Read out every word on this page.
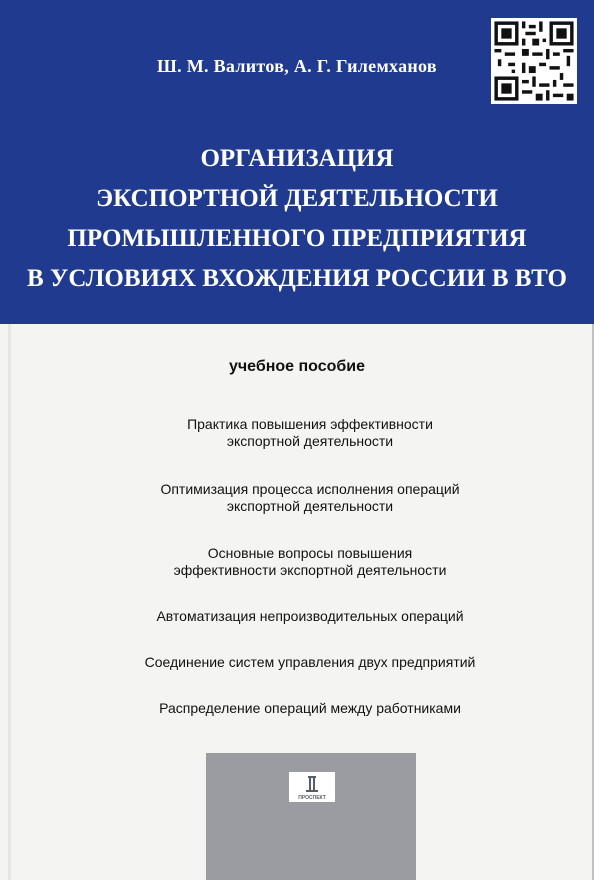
Ш. М. Валитов, А. Г. Гилемханов
ОРГАНИЗАЦИЯ
ЭКСПОРТНОЙ ДЕЯТЕЛЬНОСТИ
ПРОМЫШЛЕННОГО ПРЕДПРИЯТИЯ
В УСЛОВИЯХ ВХОЖДЕНИЯ РОССИИ В ВТО
учебное пособие
Практика повышения эффективности
экспортной деятельности
Оптимизация процесса исполнения операций
экспортной деятельности
Основные вопросы повышения
эффективности экспортной деятельности
Автоматизация непроизводительных операций
Соединение систем управления двух предприятий
Распределение операций между работниками
ПРОСПЕКТ
